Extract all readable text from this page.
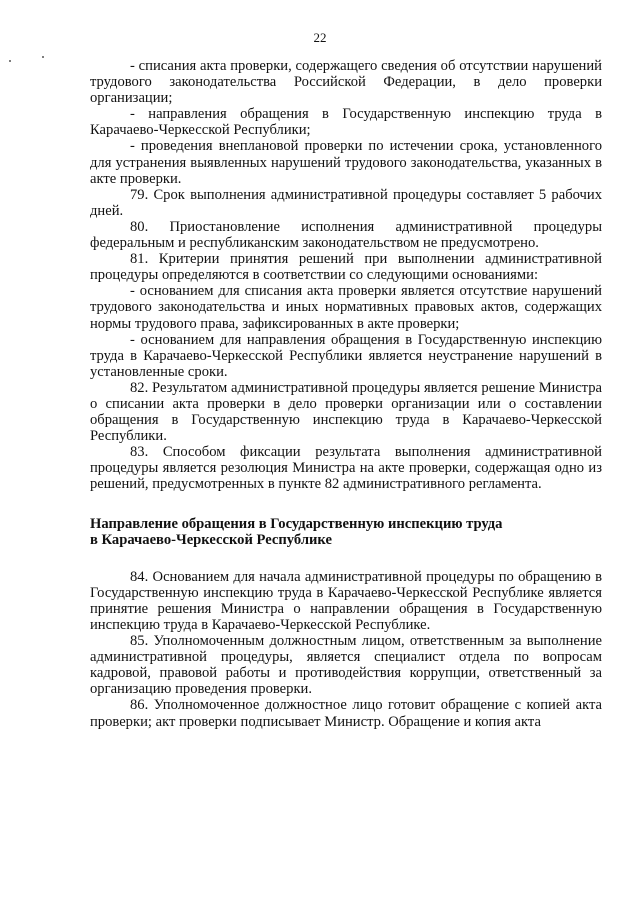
22

- списания акта проверки, содержащего сведения об отсутствии нарушений трудового законодательства Российской Федерации, в дело проверки организации;

- направления обращения в Государственную инспекцию труда в Карачаево-Черкесской Республики;

- проведения внеплановой проверки по истечении срока, установленного для устранения выявленных нарушений трудового законодательства, указанных в акте проверки.

79. Срок выполнения административной процедуры составляет 5 рабочих дней.

80. Приостановление исполнения административной процедуры федеральным и республиканским законодательством не предусмотрено.

81. Критерии принятия решений при выполнении административной процедуры определяются в соответствии со следующими основаниями:

- основанием для списания акта проверки является отсутствие нарушений трудового законодательства и иных нормативных правовых актов, содержащих нормы трудового права, зафиксированных в акте проверки;

- основанием для направления обращения в Государственную инспекцию труда в Карачаево-Черкесской Республики является неустранение нарушений в установленные сроки.

82. Результатом административной процедуры является решение Министра о списании акта проверки в дело проверки организации или о составлении обращения в Государственную инспекцию труда в Карачаево-Черкесской Республики.

83. Способом фиксации результата выполнения административной процедуры является резолюция Министра на акте проверки, содержащая одно из решений, предусмотренных в пункте 82 административного регламента.

Направление обращения в Государственную инспекцию труда

в Карачаево-Черкесской Республике

84. Основанием для начала административной процедуры по обращению в Государственную инспекцию труда в Карачаево-Черкесской Республике является принятие решения Министра о направлении обращения в Государственную инспекцию труда в Карачаево-Черкесской Республике.

85. Уполномоченным должностным лицом, ответственным за выполнение административной процедуры, является специалист отдела по вопросам кадровой, правовой работы и противодействия коррупции, ответственный за организацию проведения проверки.

86. Уполномоченное должностное лицо готовит обращение с копией акта проверки; акт проверки подписывает Министр. Обращение и копия акта
